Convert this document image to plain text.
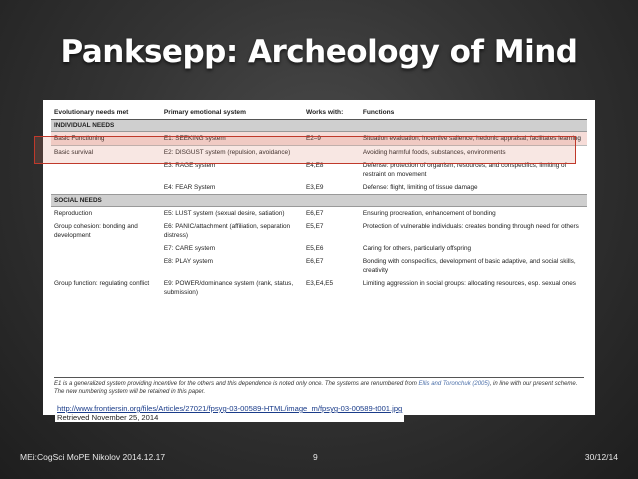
Panksepp: Archeology of Mind
Evolutionary needs met	Primary emotional system	Works with:	Functions
INDIVIDUAL NEEDS			
Basic Functioning	E1: SEEKING system	E2–9	Situation evaluation, incentive salience, hedonic appraisal, facilitates learning
Basic survival	E2: DISGUST system (repulsion, avoidance)		Avoiding harmful foods, substances, environments
	E3: RAGE system	E4,E8	Defense: protection of organism, resources, and conspecifics, limiting of restraint on movement
	E4: FEAR System	E3,E9	Defense: flight, limiting of tissue damage
SOCIAL NEEDS			
Reproduction	E5: LUST system (sexual desire, satiation)	E6,E7	Ensuring procreation, enhancement of bonding
Group cohesion: bonding and development	E6: PANIC/attachment (affiliation, separation distress)	E5,E7	Protection of vulnerable individuals: creates bonding through need for others
	E7: CARE system	E5,E6	Caring for others, particularly offspring
	E8: PLAY system	E6,E7	Bonding with conspecifics, development of basic adaptive, and social skills, creativity
Group function: regulating conflict	E9: POWER/dominance system (rank, status, submission)	E3,E4,E5	Limiting aggression in social groups: allocating resources, esp. sexual ones
E1 is a generalized system providing incentive for the others and this dependence is noted only once. The systems are renumbered from Ellis and Toronchuk (2005), in line with our present scheme. The new numbering system will be retained in this paper.
http://www.frontiersin.org/files/Articles/27021/fpsyg-03-00589-HTML/image_m/fpsyg-03-00589-t001.jpg
Retrieved November 25, 2014
MEi:CogSci MoPE Nikolov 2014.12.17	9	30/12/14
